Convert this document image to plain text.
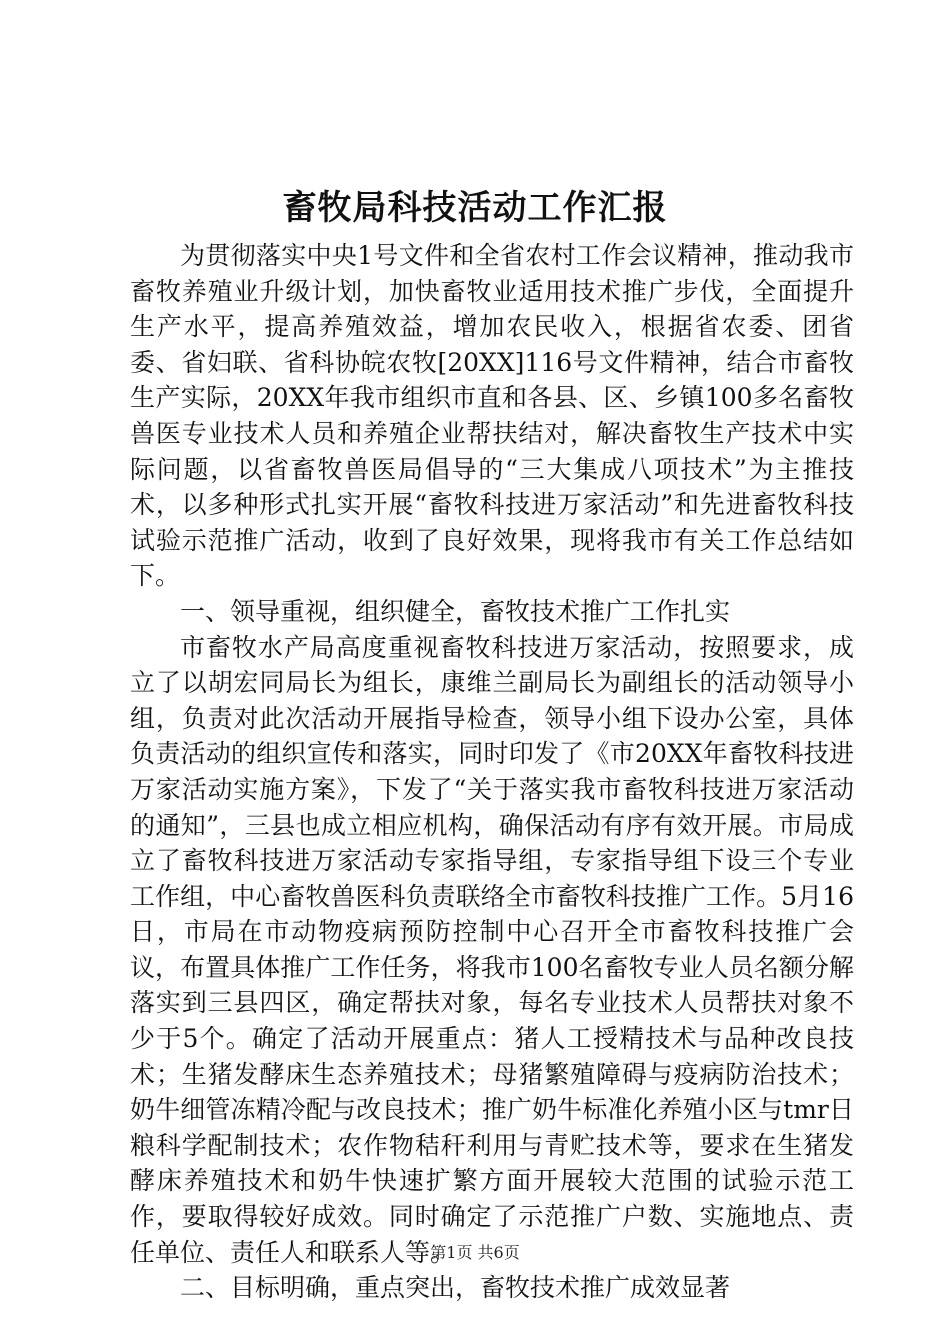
畜牧局科技活动工作汇报

为贯彻落实中央1号文件和全省农村工作会议精神，推动我市畜牧养殖业升级计划，加快畜牧业适用技术推广步伐，全面提升生产水平，提高养殖效益，增加农民收入，根据省农委、团省委、省妇联、省科协皖农牧[20XX]116号文件精神，结合市畜牧生产实际，20XX年我市组织市直和各县、区、乡镇100多名畜牧兽医专业技术人员和养殖企业帮扶结对，解决畜牧生产技术中实际问题，以省畜牧兽医局倡导的“三大集成八项技术”为主推技术，以多种形式扎实开展“畜牧科技进万家活动”和先进畜牧科技试验示范推广活动，收到了良好效果，现将我市有关工作总结如下。

一、领导重视，组织健全，畜牧技术推广工作扎实

市畜牧水产局高度重视畜牧科技进万家活动，按照要求，成立了以胡宏同局长为组长，康维兰副局长为副组长的活动领导小组，负责对此次活动开展指导检查，领导小组下设办公室，具体负责活动的组织宣传和落实，同时印发了《市20XX年畜牧科技进万家活动实施方案》，下发了“关于落实我市畜牧科技进万家活动的通知”，三县也成立相应机构，确保活动有序有效开展。市局成立了畜牧科技进万家活动专家指导组，专家指导组下设三个专业工作组，中心畜牧兽医科负责联络全市畜牧科技推广工作。5月16日，市局在市动物疫病预防控制中心召开全市畜牧科技推广会议，布置具体推广工作任务，将我市100名畜牧专业人员名额分解落实到三县四区，确定帮扶对象，每名专业技术人员帮扶对象不少于5个。确定了活动开展重点：猪人工授精技术与品种改良技术；生猪发酵床生态养殖技术；母猪繁殖障碍与疫病防治技术；奶牛细管冻精冷配与改良技术；推广奶牛标准化养殖小区与tmr日粮科学配制技术；农作物秸秆利用与青贮技术等，要求在生猪发酵床养殖技术和奶牛快速扩繁方面开展较大范围的试验示范工作，要取得较好成效。同时确定了示范推广户数、实施地点、责任单位、责任人和联系人等。

二、目标明确，重点突出，畜牧技术推广成效显著

第1页 共6页
